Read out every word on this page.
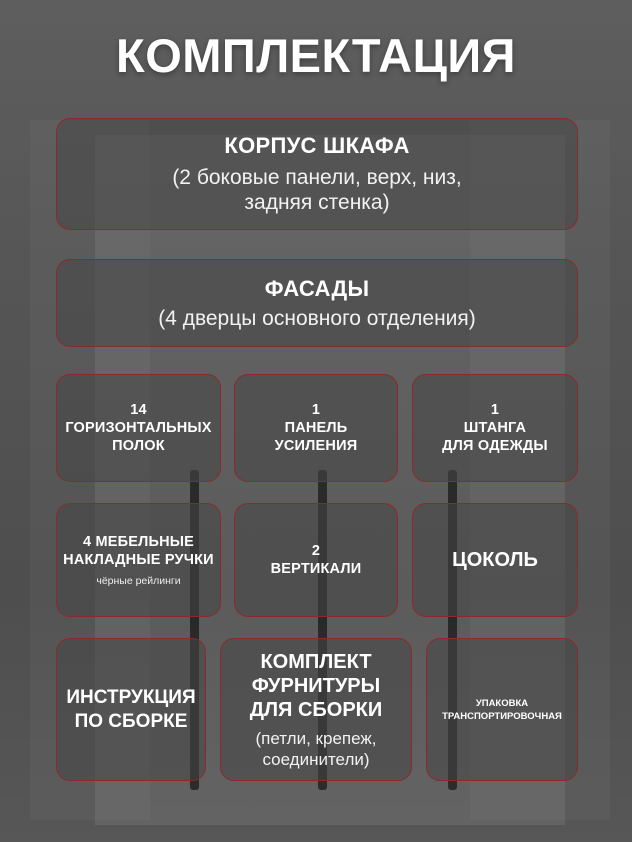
КОМПЛЕКТАЦИЯ
КОРПУС ШКАФА
(2 боковые панели, верх, низ,
задняя стенка)
ФАСАДЫ
(4 дверцы основного отделения)
14
ГОРИЗОНТАЛЬНЫХ
ПОЛОК
1
ПАНЕЛЬ
УСИЛЕНИЯ
1
ШТАНГА
ДЛЯ ОДЕЖДЫ
4 МЕБЕЛЬНЫЕ
НАКЛАДНЫЕ РУЧКИ
чёрные рейлинги
2
ВЕРТИКАЛИ	ЦОКОЛЬ
ИНСТРУКЦИЯ
ПО СБОРКЕ
КОМПЛЕКТ
ФУРНИТУРЫ
ДЛЯ СБОРКИ
(петли, крепеж,
соединители)
УПАКОВКА
ТРАНСПОРТИРОВОЧНАЯ
